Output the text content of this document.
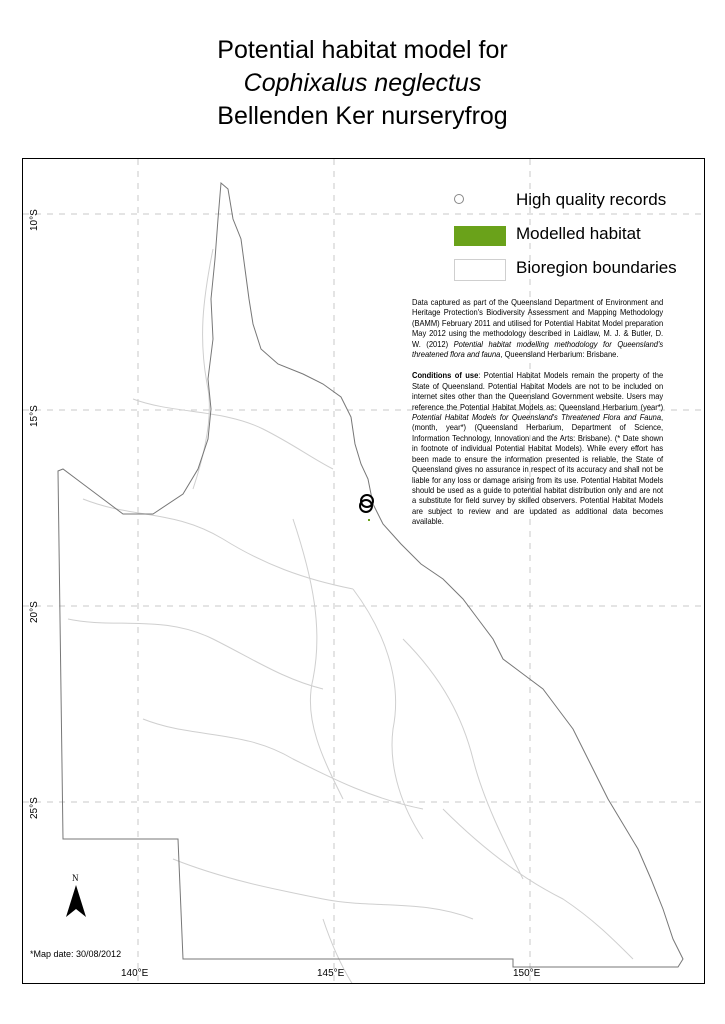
Potential habitat model for
Cophixalus neglectus
Bellenden Ker nurseryfrog
10°S
15°S
20°S
25°S
140°E	145°E	150°E
High quality records
Modelled habitat
Bioregion boundaries

Data captured as part of the Queensland Department of Environment and Heritage Protection's Biodiversity Assessment and Mapping Methodology (BAMM) February 2011 and utilised for Potential Habitat Model preparation May 2012 using the methodology described in Laidlaw, M. J. & Butler, D. W. (2012) Potential habitat modelling methodology for Queensland's threatened flora and fauna, Queensland Herbarium: Brisbane.

Conditions of use: Potential Habitat Models remain the property of the State of Queensland. Potential Habitat Models are not to be included on internet sites other than the Queensland Government website. Users may reference the Potential Habitat Models as: Queensland Herbarium (year*) Potential Habitat Models for Queensland's Threatened Flora and Fauna, (month, year*) (Queensland Herbarium, Department of Science, Information Technology, Innovation and the Arts: Brisbane). (* Date shown in footnote of individual Potential Habitat Models). While every effort has been made to ensure the information presented is reliable, the State of Queensland gives no assurance in respect of its accuracy and shall not be liable for any loss or damage arising from its use. Potential Habitat Models should be used as a guide to potential habitat distribution only and are not a substitute for field survey by skilled observers. Potential Habitat Models are subject to review and are updated as additional data becomes available.

N
*Map date: 30/08/2012
